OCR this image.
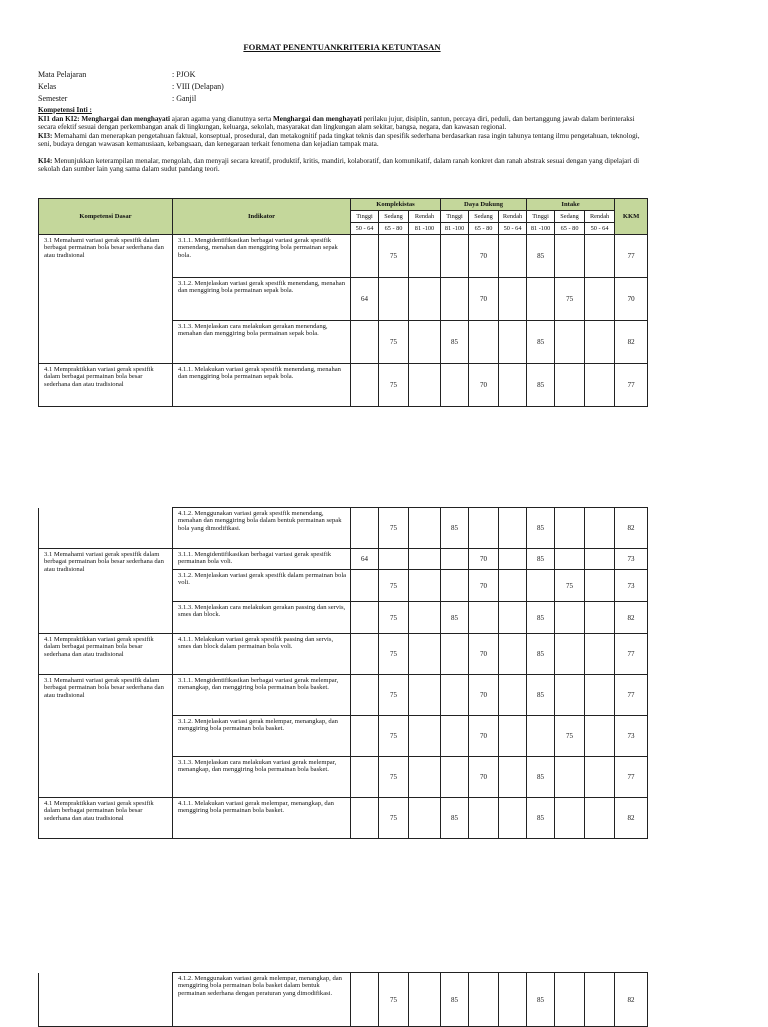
FORMAT PENENTUANKRITERIA KETUNTASAN
Mata Pelajaran	: PJOK
Kelas	: VIII (Delapan)
Semester	: Ganjil
Kompetensi Inti :
KI1 dan KI2: Menghargai dan menghayati ajaran agama yang dianutnya serta Menghargai dan menghayati perilaku jujur, disiplin, santun, percaya diri, peduli, dan bertanggung jawab dalam berinteraksi secara efektif sesuai dengan perkembangan anak di lingkungan, keluarga, sekolah, masyarakat dan lingkungan alam sekitar, bangsa, negara, dan kawasan regional.
KI3: Memahami dan menerapkan pengetahuan faktual, konseptual, prosedural, dan metakognitif pada tingkat teknis dan spesifik sederhana berdasarkan rasa ingin tahunya tentang ilmu pengetahuan, teknologi, seni, budaya dengan wawasan kemanusiaan, kebangsaan, dan kenegaraan terkait fenomena dan kejadian tampak mata.
KI4: Menunjukkan keterampilan menalar, mengolah, dan menyaji secara kreatif, produktif, kritis, mandiri, kolaboratif, dan komunikatif, dalam ranah konkret dan ranah abstrak sesuai dengan yang dipelajari di sekolah dan sumber lain yang sama dalam sudut pandang teori.
Kompetensi Dasar	Indikator	Komplekistas			Daya Dukung			Intake			KKM
		Tinggi	Sedang	Rendah	Tinggi	Sedang	Rendah	Tinggi	Sedang	Rendah	
		50 - 64	65 - 80	81 -100	81 -100	65 - 80	50 - 64	81 -100	65 - 80	50 - 64	
3.1 Memahami variasi gerak spesifik dalam berbagai permainan bola besar sederhana dan atau tradisional	3.1.1. Mengidentifikasikan berbagai variasi gerak spesifik menendang, menahan dan menggiring bola permainan sepak bola.		75			70		85			77
	3.1.2. Menjelaskan variasi gerak spesifik menendang, menahan dan menggiring bola permainan sepak bola.	64				70			75		70
	3.1.3. Menjelaskan cara melakukan gerakan menendang, menahan dan menggiring bola permainan sepak bola.		75		85			85			82
4.1 Mempraktikkan variasi gerak spesifik dalam berbagai permainan bola besar sederhana dan atau tradisional	4.1.1. Melakukan variasi gerak spesifik menendang, menahan dan menggiring bola permainan sepak bola.		75			70		85			77
	4.1.2. Menggunakan variasi gerak spesifik menendang, menahan dan menggiring bola dalam bentuk permainan sepak bola yang dimodifikasi.		75		85			85			82
3.1 Memahami variasi gerak spesifik dalam berbagai permainan bola besar sederhana dan atau tradisional	3.1.1. Mengidentifikasikan berbagai variasi gerak spesifik permainan bola voli.	64				70		85			73
	3.1.2. Menjelaskan variasi gerak spesifik dalam permainan bola voli.		75			70			75		73
	3.1.3. Menjelaskan cara melakukan gerakan passing dan servis, smes dan block.		75		85			85			82
4.1 Mempraktikkan variasi gerak spesifik dalam berbagai permainan bola besar sederhana dan atau tradisional	4.1.1. Melakukan variasi gerak spesifik passing dan servis, smes dan block dalam permainan bola voli.		75			70		85			77
3.1 Memahami variasi gerak spesifik dalam berbagai permainan bola besar sederhana dan atau tradisional	3.1.1. Mengidentifikasikan berbagai variasi gerak melempar, menangkap, dan menggiring bola permainan bola basket.		75			70		85			77
	3.1.2. Menjelaskan variasi gerak melempar, menangkap, dan menggiring bola permainan bola basket.		75			70			75		73
	3.1.3. Menjelaskan cara melakukan variasi gerak melempar, menangkap, dan menggiring bola permainan bola basket.		75			70		85			77
4.1 Mempraktikkan variasi gerak spesifik dalam berbagai permainan bola besar sederhana dan atau tradisional	4.1.1. Melakukan variasi gerak melempar, menangkap, dan menggiring bola permainan bola basket.		75		85			85			82
	4.1.2. Menggunakan variasi gerak melempar, menangkap, dan menggiring bola permainan bola basket dalam bentuk permainan sederhana dengan peraturan yang dimodifikasi.		75		85			85			82
